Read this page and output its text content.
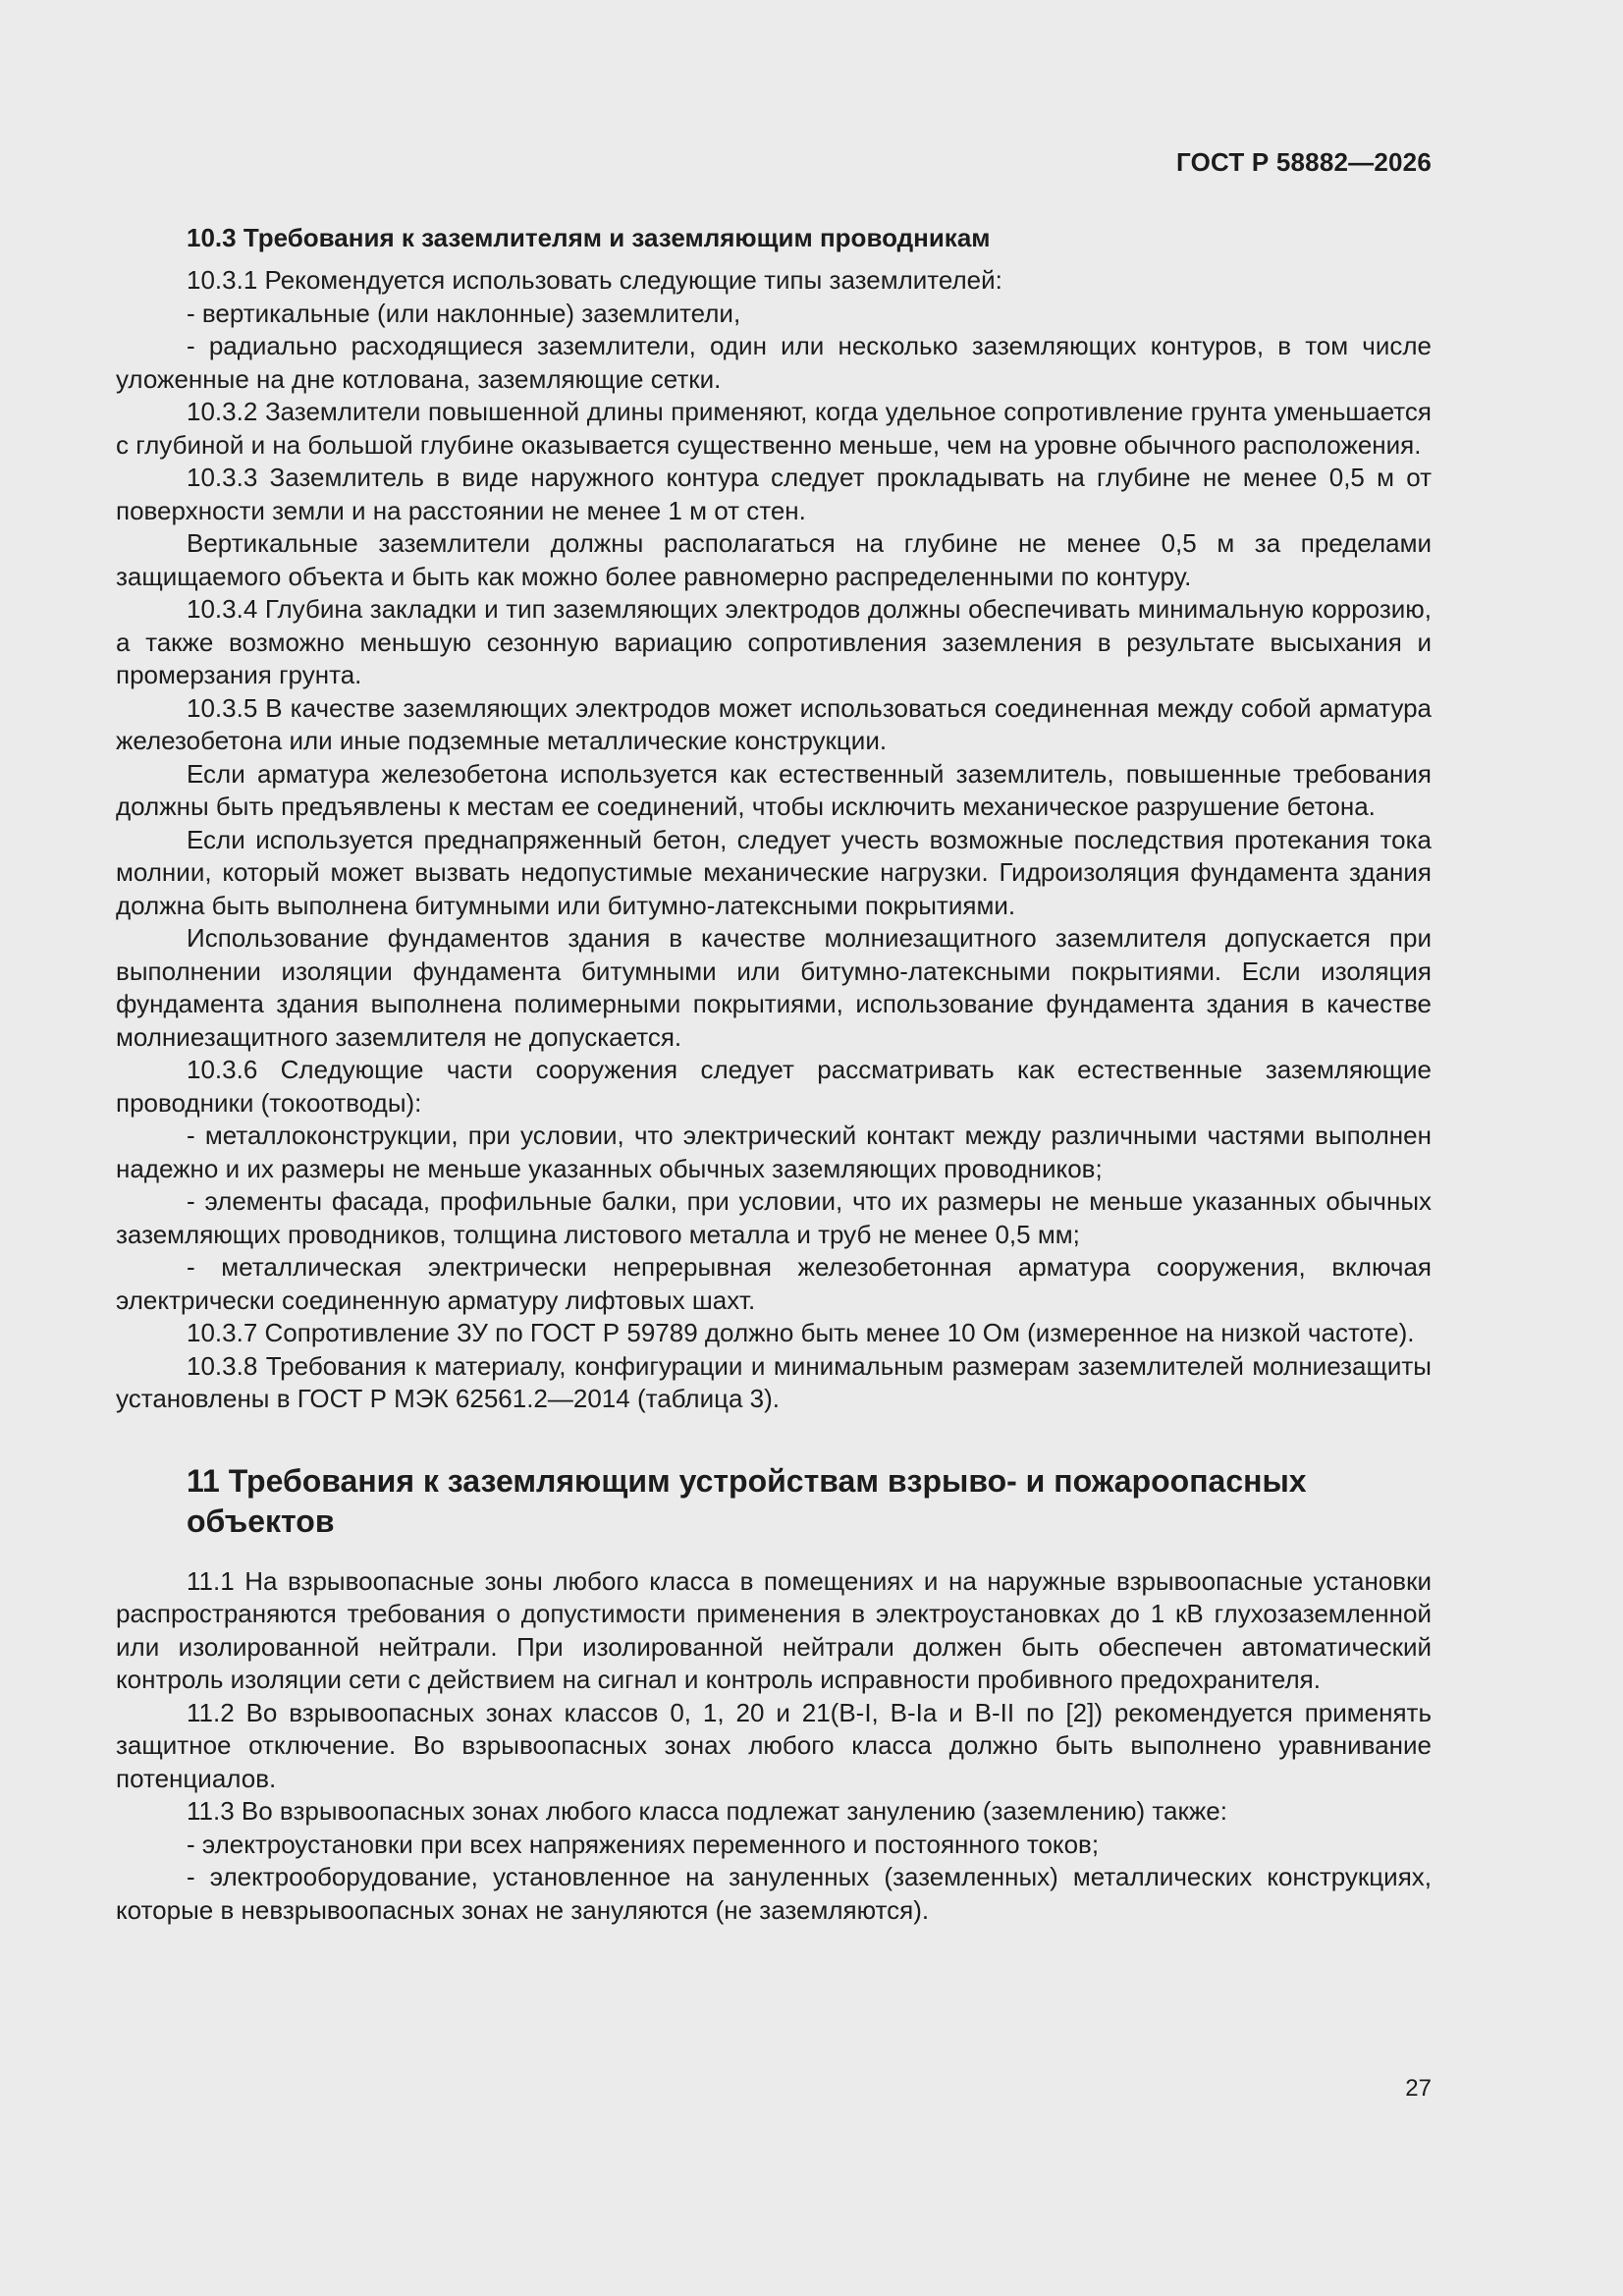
ГОСТ Р 58882—2026
10.3 Требования к заземлителям и заземляющим проводникам

10.3.1 Рекомендуется использовать следующие типы заземлителей:

- вертикальные (или наклонные) заземлители,

- радиально расходящиеся заземлители, один или несколько заземляющих контуров, в том числе уложенные на дне котлована, заземляющие сетки.

10.3.2 Заземлители повышенной длины применяют, когда удельное сопротивление грунта уменьшается с глубиной и на большой глубине оказывается существенно меньше, чем на уровне обычного расположения.

10.3.3 Заземлитель в виде наружного контура следует прокладывать на глубине не менее 0,5 м от поверхности земли и на расстоянии не менее 1 м от стен.

Вертикальные заземлители должны располагаться на глубине не менее 0,5 м за пределами защищаемого объекта и быть как можно более равномерно распределенными по контуру.

10.3.4 Глубина закладки и тип заземляющих электродов должны обеспечивать минимальную коррозию, а также возможно меньшую сезонную вариацию сопротивления заземления в результате высыхания и промерзания грунта.

10.3.5 В качестве заземляющих электродов может использоваться соединенная между собой арматура железобетона или иные подземные металлические конструкции.

Если арматура железобетона используется как естественный заземлитель, повышенные требования должны быть предъявлены к местам ее соединений, чтобы исключить механическое разрушение бетона.

Если используется преднапряженный бетон, следует учесть возможные последствия протекания тока молнии, который может вызвать недопустимые механические нагрузки. Гидроизоляция фундамента здания должна быть выполнена битумными или битумно-латексными покрытиями.

Использование фундаментов здания в качестве молниезащитного заземлителя допускается при выполнении изоляции фундамента битумными или битумно-латексными покрытиями. Если изоляция фундамента здания выполнена полимерными покрытиями, использование фундамента здания в качестве молниезащитного заземлителя не допускается.

10.3.6 Следующие части сооружения следует рассматривать как естественные заземляющие проводники (токоотводы):

- металлоконструкции, при условии, что электрический контакт между различными частями выполнен надежно и их размеры не меньше указанных обычных заземляющих проводников;

- элементы фасада, профильные балки, при условии, что их размеры не меньше указанных обычных заземляющих проводников, толщина листового металла и труб не менее 0,5 мм;

- металлическая электрически непрерывная железобетонная арматура сооружения, включая электрически соединенную арматуру лифтовых шахт.

10.3.7 Сопротивление ЗУ по ГОСТ Р 59789 должно быть менее 10 Ом (измеренное на низкой частоте).

10.3.8 Требования к материалу, конфигурации и минимальным размерам заземлителей молниезащиты установлены в ГОСТ Р МЭК 62561.2—2014 (таблица 3).

11 Требования к заземляющим устройствам взрыво- и пожароопасных объектов

11.1 На взрывоопасные зоны любого класса в помещениях и на наружные взрывоопасные установки распространяются требования о допустимости применения в электроустановках до 1 кВ глухозаземленной или изолированной нейтрали. При изолированной нейтрали должен быть обеспечен автоматический контроль изоляции сети с действием на сигнал и контроль исправности пробивного предохранителя.

11.2 Во взрывоопасных зонах классов 0, 1, 20 и 21(B-I, B-Iа и B-II по [2]) рекомендуется применять защитное отключение. Во взрывоопасных зонах любого класса должно быть выполнено уравнивание потенциалов.

11.3 Во взрывоопасных зонах любого класса подлежат занулению (заземлению) также:

- электроустановки при всех напряжениях переменного и постоянного токов;

- электрооборудование, установленное на зануленных (заземленных) металлических конструкциях, которые в невзрывоопасных зонах не зануляются (не заземляются).

27
